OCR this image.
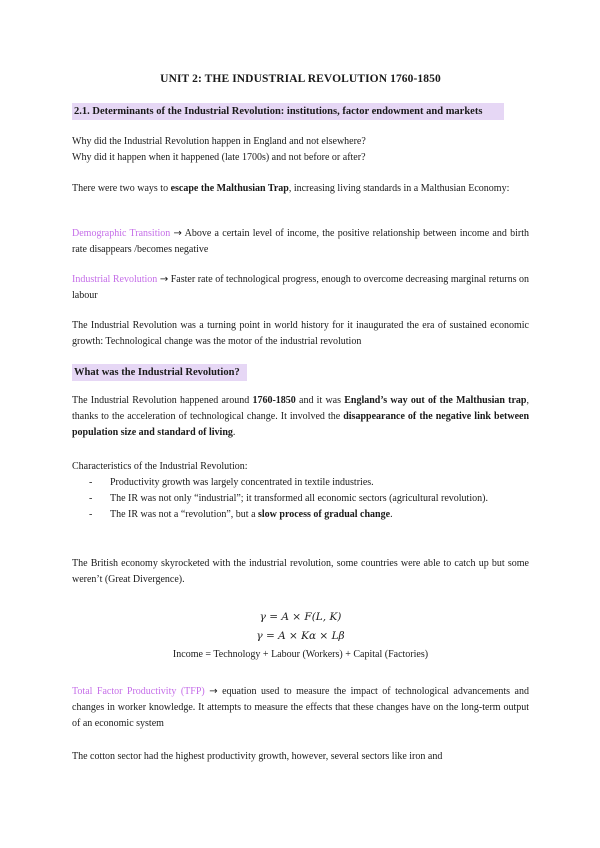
UNIT 2: THE INDUSTRIAL REVOLUTION 1760-1850
2.1. Determinants of the Industrial Revolution: institutions, factor endowment and markets

Why did the Industrial Revolution happen in England and not elsewhere?

Why did it happen when it happened (late 1700s) and not before or after?

There were two ways to escape the Malthusian Trap, increasing living standards in a Malthusian Economy:

Demographic Transition → Above a certain level of income, the positive relationship between income and birth rate disappears /becomes negative

Industrial Revolution → Faster rate of technological progress, enough to overcome decreasing marginal returns on labour

The Industrial Revolution was a turning point in world history for it inaugurated the era of sustained economic growth: Technological change was the motor of the industrial revolution

What was the Industrial Revolution?

The Industrial Revolution happened around 1760-1850 and it was England’s way out of the Malthusian trap, thanks to the acceleration of technological change. It involved the disappearance of the negative link between population size and standard of living.

Characteristics of the Industrial Revolution:

- Productivity growth was largely concentrated in textile industries.
- The IR was not only “industrial”; it transformed all economic sectors (agricultural revolution).
- The IR was not a “revolution”, but a slow process of gradual change.

The British economy skyrocketed with the industrial revolution, some countries were able to catch up but some weren’t (Great Divergence).

γ = A × F(L, K)
γ = A × Kα × Lβ

Income = Technology + Labour (Workers) + Capital (Factories)

Total Factor Productivity (TFP) → equation used to measure the impact of technological advancements and changes in worker knowledge. It attempts to measure the effects that these changes have on the long-term output of an economic system

The cotton sector had the highest productivity growth, however, several sectors like iron and
